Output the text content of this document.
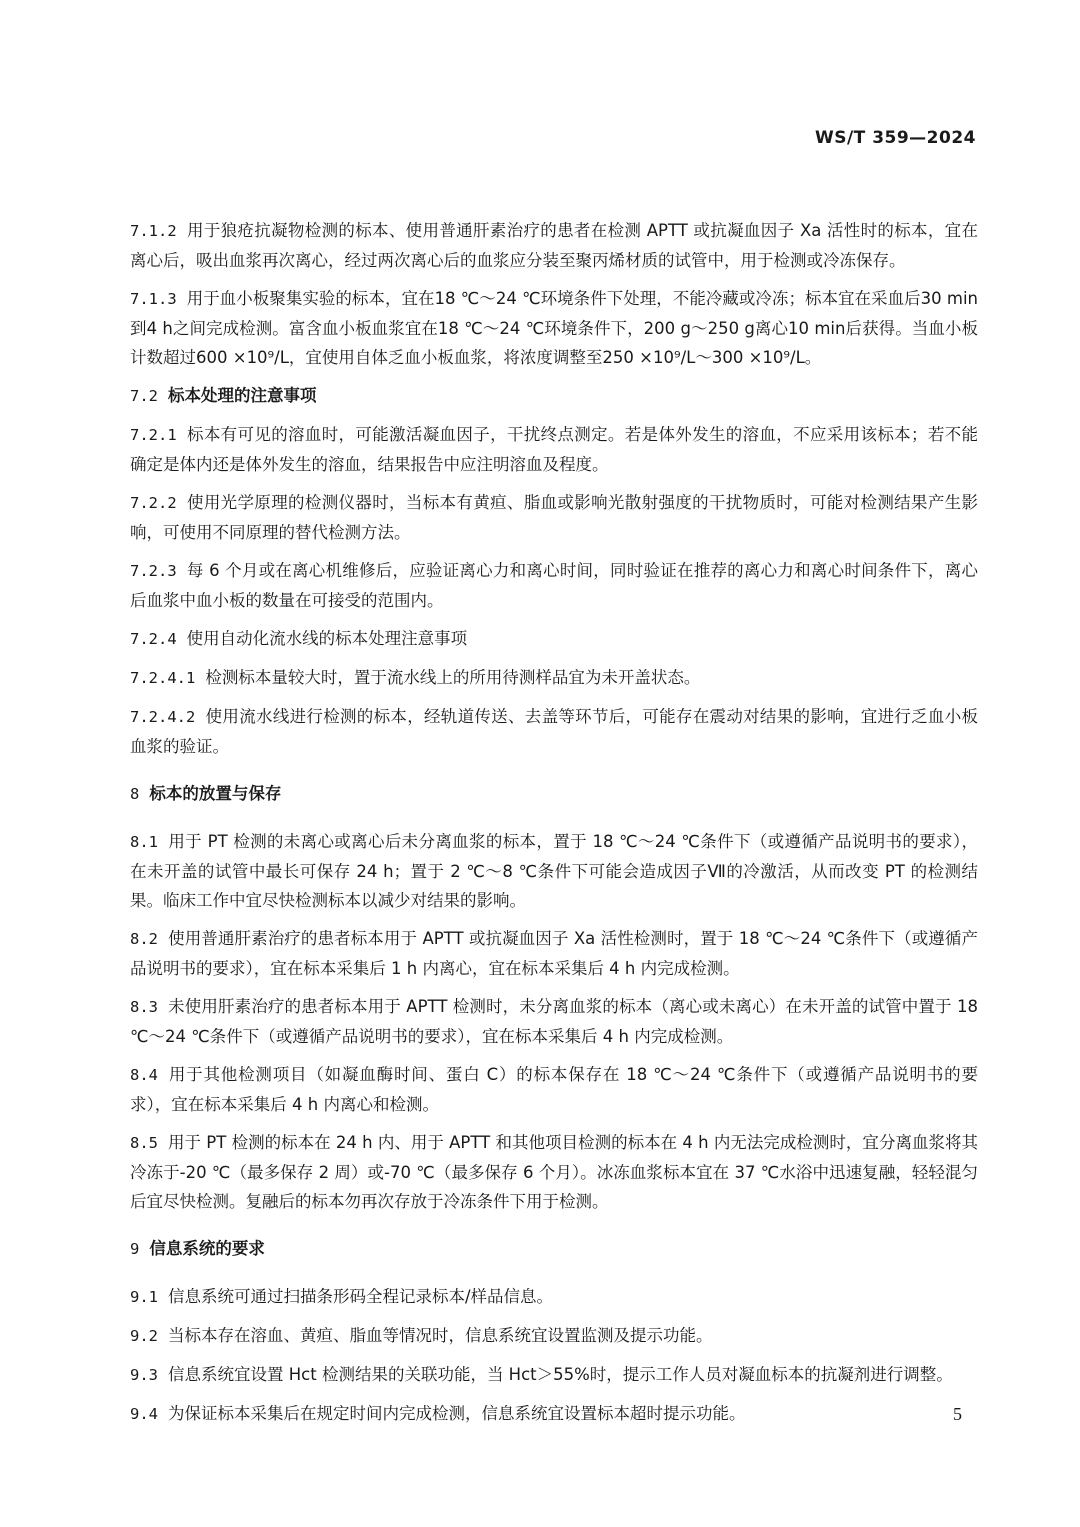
WS/T 359—2024

7.1.2 用于狼疮抗凝物检测的标本、使用普通肝素治疗的患者在检测 APTT 或抗凝血因子 Xa 活性时的标本，宜在离心后，吸出血浆再次离心，经过两次离心后的血浆应分装至聚丙烯材质的试管中，用于检测或冷冻保存。

7.1.3 用于血小板聚集实验的标本，宜在18 ℃～24 ℃环境条件下处理，不能冷藏或冷冻；标本宜在采血后30 min到4 h之间完成检测。富含血小板血浆宜在18 ℃～24 ℃环境条件下，200 g～250 g离心10 min后获得。当血小板计数超过600 ×10⁹/L，宜使用自体乏血小板血浆，将浓度调整至250 ×10⁹/L～300 ×10⁹/L。

7.2 标本处理的注意事项

7.2.1 标本有可见的溶血时，可能激活凝血因子，干扰终点测定。若是体外发生的溶血，不应采用该标本；若不能确定是体内还是体外发生的溶血，结果报告中应注明溶血及程度。

7.2.2 使用光学原理的检测仪器时，当标本有黄疸、脂血或影响光散射强度的干扰物质时，可能对检测结果产生影响，可使用不同原理的替代检测方法。

7.2.3 每 6 个月或在离心机维修后，应验证离心力和离心时间，同时验证在推荐的离心力和离心时间条件下，离心后血浆中血小板的数量在可接受的范围内。

7.2.4 使用自动化流水线的标本处理注意事项

7.2.4.1 检测标本量较大时，置于流水线上的所用待测样品宜为未开盖状态。

7.2.4.2 使用流水线进行检测的标本，经轨道传送、去盖等环节后，可能存在震动对结果的影响，宜进行乏血小板血浆的验证。

8 标本的放置与保存

8.1 用于 PT 检测的未离心或离心后未分离血浆的标本，置于 18 ℃～24 ℃条件下（或遵循产品说明书的要求），在未开盖的试管中最长可保存 24 h；置于 2 ℃～8 ℃条件下可能会造成因子Ⅶ的冷激活，从而改变 PT 的检测结果。临床工作中宜尽快检测标本以减少对结果的影响。

8.2 使用普通肝素治疗的患者标本用于 APTT 或抗凝血因子 Xa 活性检测时，置于 18 ℃～24 ℃条件下（或遵循产品说明书的要求），宜在标本采集后 1 h 内离心，宜在标本采集后 4 h 内完成检测。

8.3 未使用肝素治疗的患者标本用于 APTT 检测时，未分离血浆的标本（离心或未离心）在未开盖的试管中置于 18 ℃～24 ℃条件下（或遵循产品说明书的要求），宜在标本采集后 4 h 内完成检测。

8.4 用于其他检测项目（如凝血酶时间、蛋白 C）的标本保存在 18 ℃～24 ℃条件下（或遵循产品说明书的要求），宜在标本采集后 4 h 内离心和检测。

8.5 用于 PT 检测的标本在 24 h 内、用于 APTT 和其他项目检测的标本在 4 h 内无法完成检测时，宜分离血浆将其冷冻于-20 ℃（最多保存 2 周）或-70 ℃（最多保存 6 个月）。冰冻血浆标本宜在 37 ℃水浴中迅速复融，轻轻混匀后宜尽快检测。复融后的标本勿再次存放于冷冻条件下用于检测。

9 信息系统的要求

9.1 信息系统可通过扫描条形码全程记录标本/样品信息。

9.2 当标本存在溶血、黄疸、脂血等情况时，信息系统宜设置监测及提示功能。

9.3 信息系统宜设置 Hct 检测结果的关联功能，当 Hct＞55%时，提示工作人员对凝血标本的抗凝剂进行调整。

9.4 为保证标本采集后在规定时间内完成检测，信息系统宜设置标本超时提示功能。	5
